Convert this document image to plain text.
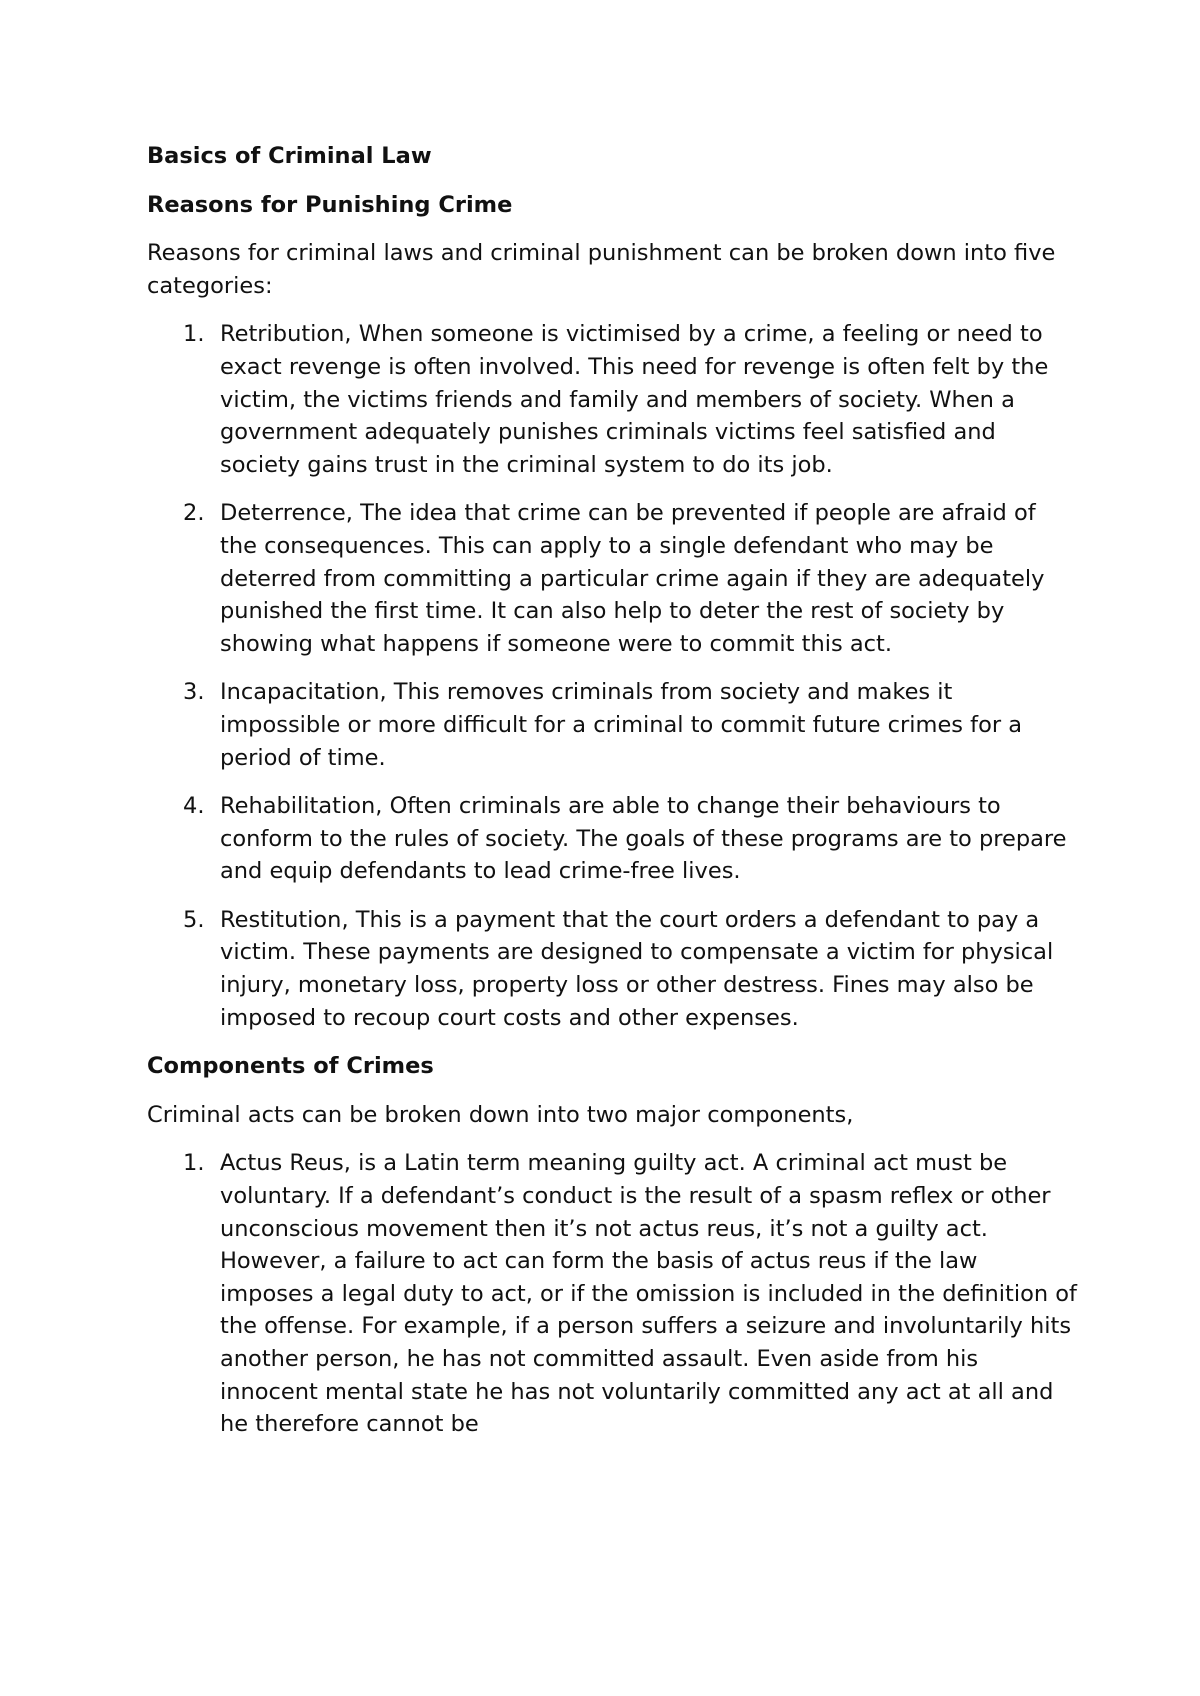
Basics of Criminal Law
Reasons for Punishing Crime
Reasons for criminal laws and criminal punishment can be broken down into five categories:
1. Retribution, When someone is victimised by a crime, a feeling or need to exact revenge is often involved. This need for revenge is often felt by the victim, the victims friends and family and members of society. When a government adequately punishes criminals victims feel satisfied and society gains trust in the criminal system to do its job.
2. Deterrence, The idea that crime can be prevented if people are afraid of the consequences. This can apply to a single defendant who may be deterred from committing a particular crime again if they are adequately punished the first time. It can also help to deter the rest of society by showing what happens if someone were to commit this act.
3. Incapacitation, This removes criminals from society and makes it impossible or more difficult for a criminal to commit future crimes for a period of time.
4. Rehabilitation, Often criminals are able to change their behaviours to conform to the rules of society. The goals of these programs are to prepare and equip defendants to lead crime-free lives.
5. Restitution, This is a payment that the court orders a defendant to pay a victim. These payments are designed to compensate a victim for physical injury, monetary loss, property loss or other destress. Fines may also be imposed to recoup court costs and other expenses.
Components of Crimes
Criminal acts can be broken down into two major components,
1. Actus Reus, is a Latin term meaning guilty act. A criminal act must be voluntary. If a defendant’s conduct is the result of a spasm reflex or other unconscious movement then it’s not actus reus, it’s not a guilty act. However, a failure to act can form the basis of actus reus if the law imposes a legal duty to act, or if the omission is included in the definition of the offense. For example, if a person suffers a seizure and involuntarily hits another person, he has not committed assault. Even aside from his innocent mental state he has not voluntarily committed any act at all and he therefore cannot be
